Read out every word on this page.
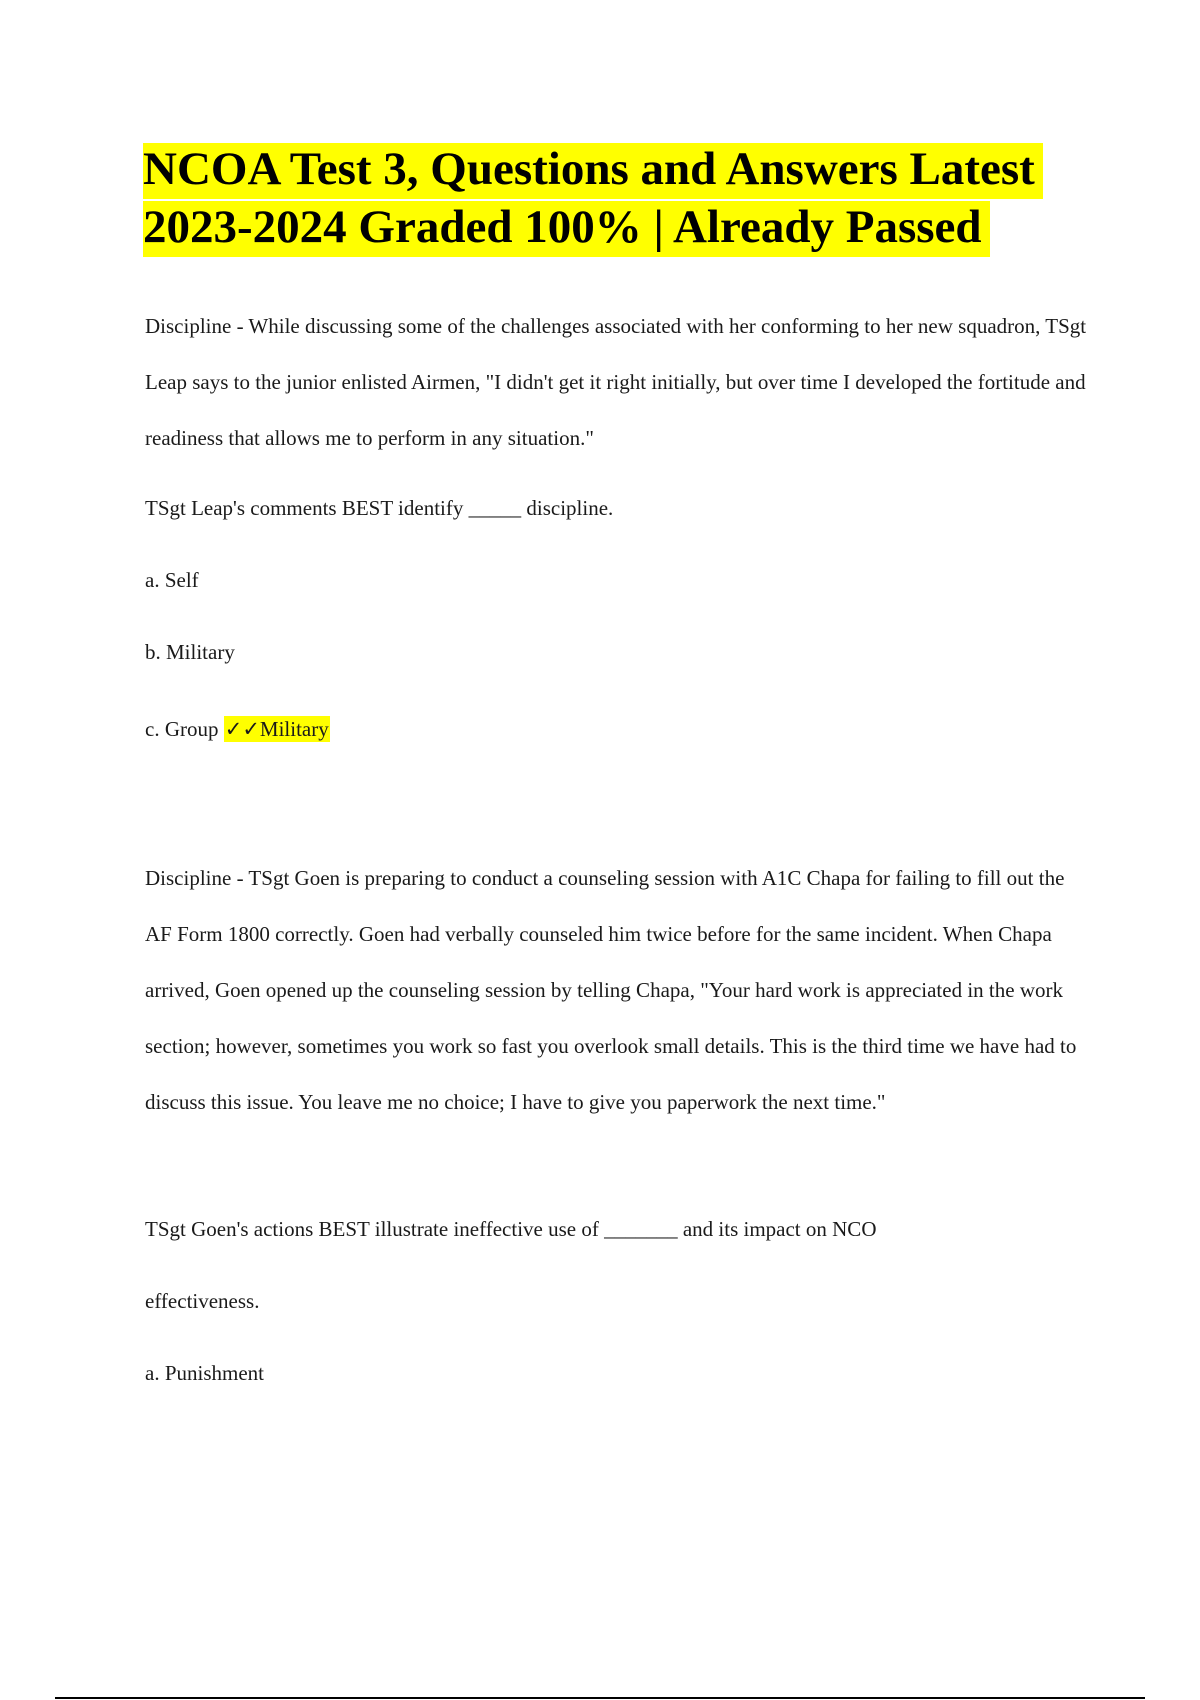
NCOA Test 3, Questions and Answers Latest 2023-2024 Graded 100% | Already Passed

Discipline - While discussing some of the challenges associated with her conforming to her new squadron, TSgt Leap says to the junior enlisted Airmen, "I didn't get it right initially, but over time I developed the fortitude and readiness that allows me to perform in any situation."

TSgt Leap's comments BEST identify _____ discipline.

a. Self

b. Military

c. Group ✓✓Military

Discipline - TSgt Goen is preparing to conduct a counseling session with A1C Chapa for failing to fill out the AF Form 1800 correctly. Goen had verbally counseled him twice before for the same incident. When Chapa arrived, Goen opened up the counseling session by telling Chapa, "Your hard work is appreciated in the work section; however, sometimes you work so fast you overlook small details. This is the third time we have had to discuss this issue. You leave me no choice; I have to give you paperwork the next time."

TSgt Goen's actions BEST illustrate ineffective use of _______ and its impact on NCO

effectiveness.

a. Punishment
